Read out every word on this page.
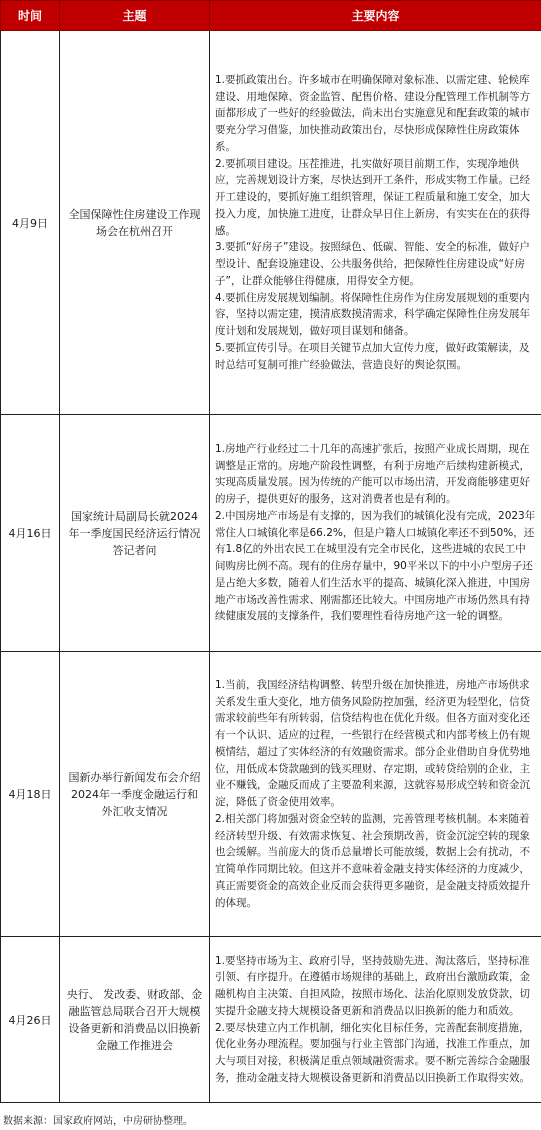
时间	主题	主要内容
4月9日	全国保障性住房建设工作现场会在杭州召开	1.要抓政策出台。许多城市在明确保障对象标准、以需定建、轮候库建设、用地保障、资金监管、配售价格、建设分配管理工作机制等方面都形成了一些好的经验做法，尚未出台实施意见和配套政策的城市要充分学习借鉴，加快推动政策出台，尽快形成保障性住房政策体系。

2.要抓项目建设。压茬推进，扎实做好项目前期工作，实现净地供应，完善规划设计方案，尽快达到开工条件，形成实物工作量。已经开工建设的，要抓好施工组织管理，保证工程质量和施工安全，加大投入力度，加快施工进度，让群众早日住上新房，有实实在在的获得感。

3.要抓“好房子”建设。按照绿色、低碳、智能、安全的标准，做好户型设计、配套设施建设、公共服务供给，把保障性住房建设成“好房子”，让群众能够住得健康，用得安全方便。

4.要抓住房发展规划编制。将保障性住房作为住房发展规划的重要内容，坚持以需定建，摸清底数摸清需求，科学确定保障性住房发展年度计划和发展规划，做好项目谋划和储备。

5.要抓宣传引导。在项目关键节点加大宣传力度，做好政策解读，及时总结可复制可推广经验做法，营造良好的舆论氛围。

4月16日	国家统计局副局长就2024年一季度国民经济运行情况答记者问	1.房地产行业经过二十几年的高速扩张后，按照产业成长周期，现在调整是正常的。房地产阶段性调整，有利于房地产后续构建新模式，实现高质量发展。因为传统的产能可以市场出清，开发商能够建更好的房子，提供更好的服务，这对消费者也是有利的。

2.中国房地产市场是有支撑的，因为我们的城镇化没有完成，2023年常住人口城镇化率是66.2%，但是户籍人口城镇化率还不到50%，还有1.8亿的外出农民工在城里没有完全市民化，这些进城的农民工中间购房比例不高。现有的住房存量中，90平米以下的中小户型房子还是占绝大多数，随着人们生活水平的提高、城镇化深入推进，中国房地产市场改善性需求、刚需都还比较大。中国房地产市场仍然具有持续健康发展的支撑条件，我们要理性看待房地产这一轮的调整。

4月18日	国新办举行新闻发布会介绍2024年一季度金融运行和外汇收支情况	1.当前，我国经济结构调整、转型升级在加快推进，房地产市场供求关系发生重大变化，地方债务风险防控加强，经济更为轻型化，信贷需求较前些年有所转弱，信贷结构也在优化升级。但各方面对变化还有一个认识、适应的过程，一些银行在经营模式和内部考核上仍有规模情结，超过了实体经济的有效融资需求。部分企业借助自身优势地位，用低成本贷款融到的钱买理财、存定期，或转贷给别的企业，主业不赚钱，金融反而成了主要盈利来源，这就容易形成空转和资金沉淀，降低了资金使用效率。

2.相关部门将加强对资金空转的监测，完善管理考核机制。本来随着经济转型升级、有效需求恢复、社会预期改善，资金沉淀空转的现象也会缓解。当前庞大的货币总量增长可能放缓，数据上会有扰动，不宜简单作同期比较。但这并不意味着金融支持实体经济的力度减少，真正需要资金的高效企业反而会获得更多融资，是金融支持质效提升的体现。

4月26日	央行、 发改委、财政部、金融监管总局联合召开大规模设备更新和消费品以旧换新金融工作推进会	1.要坚持市场为主、政府引导，坚持鼓励先进、淘汰落后，坚持标准引领、有序提升。在遵循市场规律的基础上，政府出台激励政策，金融机构自主决策、自担风险，按照市场化、法治化原则发放贷款，切实提升金融支持大规模设备更新和消费品以旧换新的能力和质效。

2.要尽快建立内工作机制，细化实化目标任务，完善配套制度措施，优化业务办理流程。要加强与行业主管部门沟通，找准工作重点，加大与项目对接，积极满足重点领域融资需求。要不断完善综合金融服务，推动金融支持大规模设备更新和消费品以旧换新工作取得实效。

数据来源：国家政府网站，中房研协整理。
